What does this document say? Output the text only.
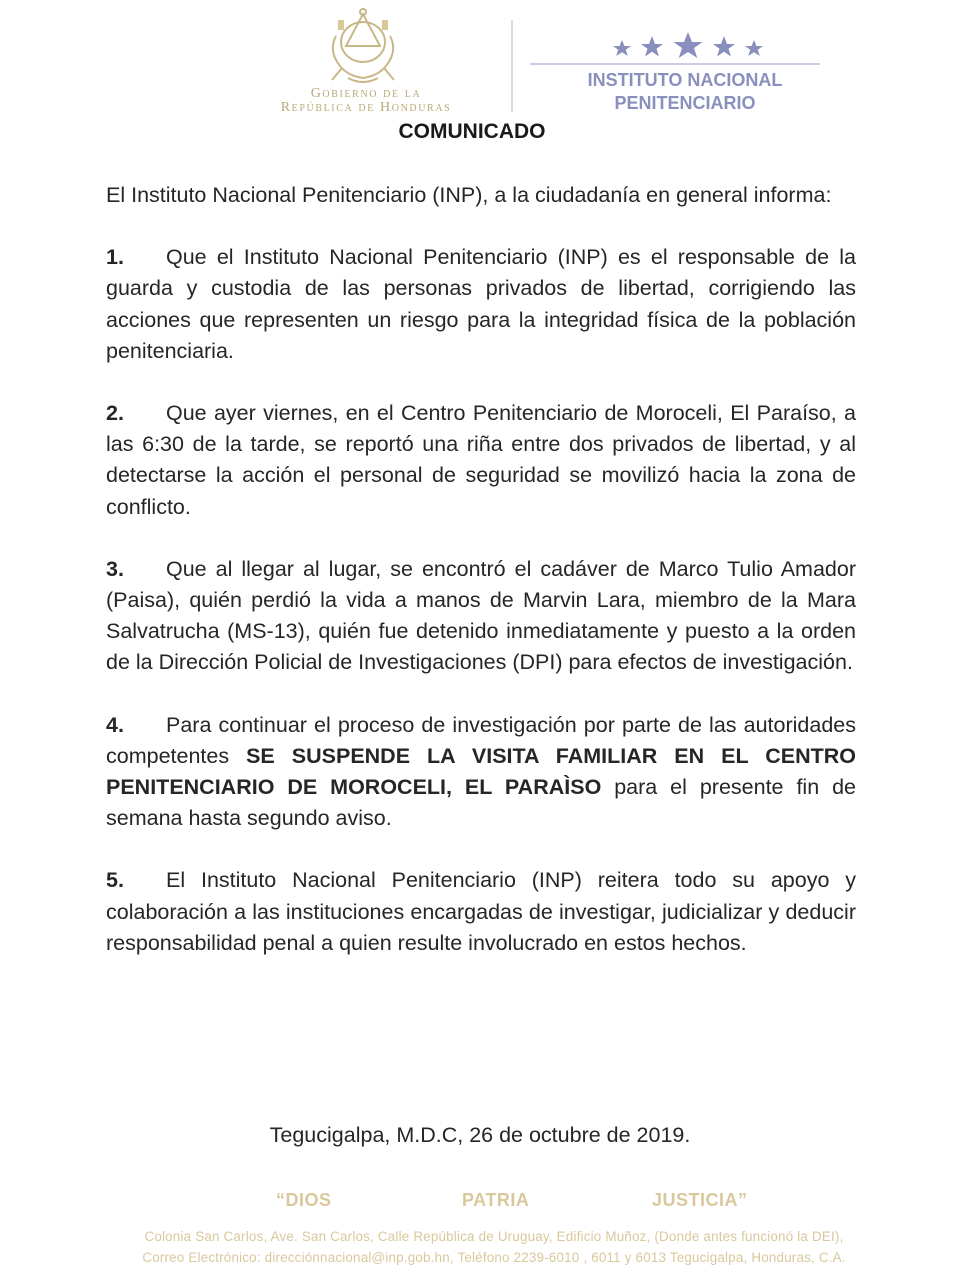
Gobierno de la
República de Honduras
INSTITUTO NACIONAL
PENITENCIARIO
COMUNICADO

El Instituto Nacional Penitenciario (INP), a la ciudadanía en general informa:

1. Que el Instituto Nacional Penitenciario (INP) es el responsable de la guarda y custodia de las personas privados de libertad, corrigiendo las acciones que representen un riesgo para la integridad física de la población penitenciaria.

2. Que ayer viernes, en el Centro Penitenciario de Moroceli, El Paraíso, a las 6:30 de la tarde, se reportó una riña entre dos privados de libertad, y al detectarse la acción el personal de seguridad se movilizó hacia la zona de conflicto.

3. Que al llegar al lugar, se encontró el cadáver de Marco Tulio Amador (Paisa), quién perdió la vida a manos de Marvin Lara, miembro de la Mara Salvatrucha (MS-13), quién fue detenido inmediatamente y puesto a la orden de la Dirección Policial de Investigaciones (DPI) para efectos de investigación.

4. Para continuar el proceso de investigación por parte de las autoridades competentes SE SUSPENDE LA VISITA FAMILIAR EN EL CENTRO PENITENCIARIO DE MOROCELI, EL PARAÌSO para el presente fin de semana hasta segundo aviso.

5. El Instituto Nacional Penitenciario (INP) reitera todo su apoyo y colaboración a las instituciones encargadas de investigar, judicializar y deducir responsabilidad penal a quien resulte involucrado en estos hechos.

Tegucigalpa, M.D.C, 26 de octubre de 2019.
“DIOS	PATRIA	JUSTICIA”
Colonia San Carlos, Ave. San Carlos, Calle República de Uruguay, Edificio Muñoz, (Donde antes funcionó la DEI),
Correo Electrónico: direcciónnacional@inp.gob.hn, Teléfono 2239-6010 , 6011 y 6013 Tegucigalpa, Honduras, C.A.
